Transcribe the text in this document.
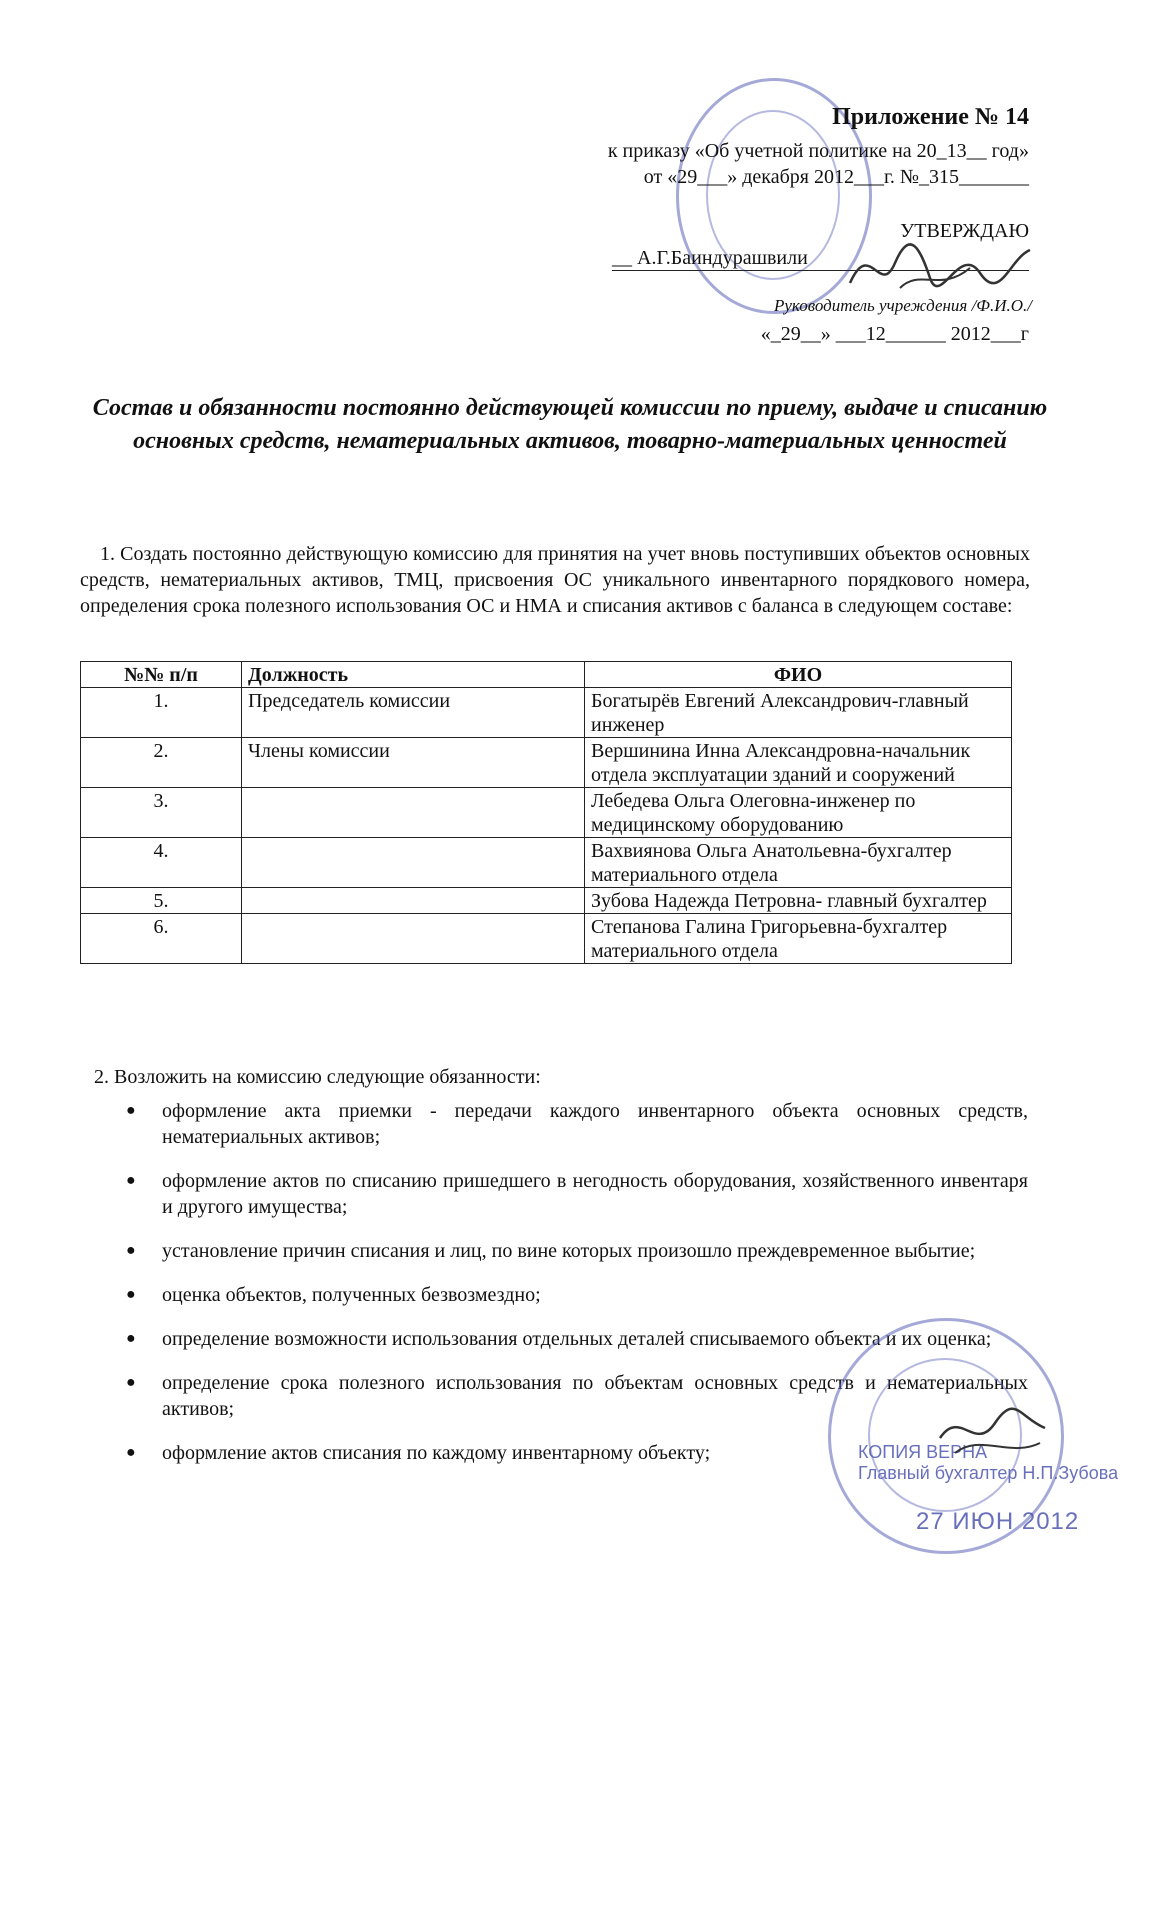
Приложение № 14
к приказу «Об учетной политике на 20_13__ год»
от «29___» декабря 2012___г. №_315_______
УТВЕРЖДАЮ
__ А.Г.Баиндурашвили
Руководитель учреждения /Ф.И.О./
«_29__» ___12______ 2012___г
Состав и обязанности постоянно действующей комиссии по приему, выдаче и списанию основных средств, нематериальных активов, товарно-материальных ценностей
1. Создать постоянно действующую комиссию для принятия на учет вновь поступивших объектов основных средств, нематериальных активов, ТМЦ, присвоения ОС уникального инвентарного порядкового номера, определения срока полезного использования ОС и НМА и списания активов с баланса в следующем составе:
№№ п/п	Должность	ФИО
1.	Председатель комиссии	Богатырёв Евгений Александрович-главный инженер
2.	Члены комиссии	Вершинина Инна Александровна-начальник отдела эксплуатации зданий и сооружений
3.		Лебедева Ольга Олеговна-инженер по медицинскому оборудованию
4.		Вахвиянова Ольга Анатольевна-бухгалтер материального отдела
5.		Зубова Надежда Петровна- главный бухгалтер
6.		Степанова Галина Григорьевна-бухгалтер материального отдела
2. Возложить на комиссию следующие обязанности:
● оформление акта приемки - передачи каждого инвентарного объекта основных средств, нематериальных активов;
● оформление актов по списанию пришедшего в негодность оборудования, хозяйственного инвентаря и другого имущества;
● установление причин списания и лиц, по вине которых произошло преждевременное выбытие;
● оценка объектов, полученных безвозмездно;
● определение возможности использования отдельных деталей списываемого объекта и их оценка;
● определение срока полезного использования по объектам основных средств и нематериальных активов;
● оформление актов списания по каждому инвентарному объекту;	КОПИЯ ВЕРНА
Главный бухгалтер Н.П.Зубова
27 ИЮН 2012
